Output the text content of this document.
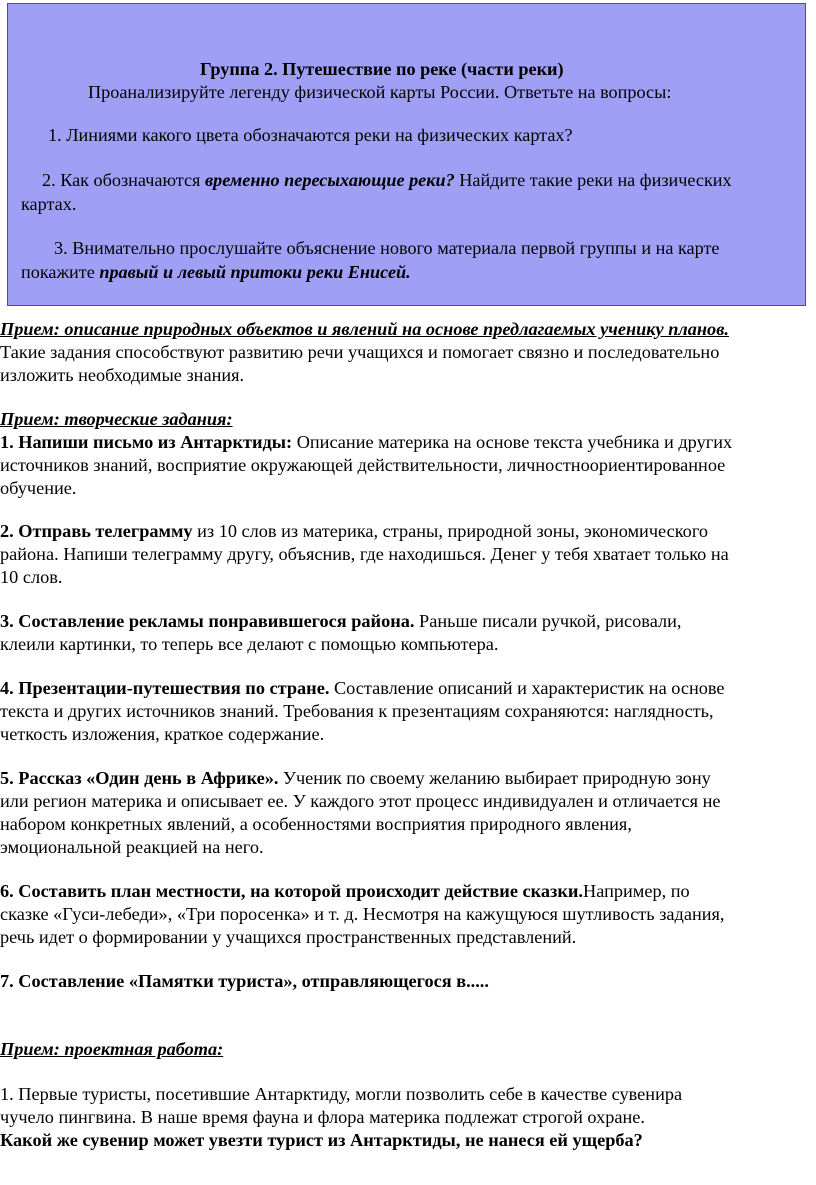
Группа 2. Путешествие по реке (части реки)
Проанализируйте легенду физической карты России. Ответьте на вопросы:
1. Линиями какого цвета обозначаются реки на физических картах?
2. Как обозначаются временно пересыхающие реки? Найдите такие реки на физических
картах.
3. Внимательно прослушайте объяснение нового материала первой группы и на карте
покажите правый и левый притоки реки Енисей.
Прием: описание природных объектов и явлений на основе предлагаемых ученику планов.
Такие задания способствуют развитию речи учащихся и помогает связно и последовательно
изложить необходимые знания.
Прием: творческие задания:
1. Напиши письмо из Антарктиды: Описание материка на основе текста учебника и других
источников знаний, восприятие окружающей действительности, личностноориентированное
обучение.
2. Отправь телеграмму из 10 слов из материка, страны, природной зоны, экономического
района. Напиши телеграмму другу, объяснив, где находишься. Денег у тебя хватает только на
10 слов.
3. Составление рекламы понравившегося района. Раньше писали ручкой, рисовали,
клеили картинки, то теперь все делают с помощью компьютера.
4. Презентации-путешествия по стране. Составление описаний и характеристик на основе
текста и других источников знаний. Требования к презентациям сохраняются: наглядность,
четкость изложения, краткое содержание.
5. Рассказ «Один день в Африке». Ученик по своему желанию выбирает природную зону
или регион материка и описывает ее. У каждого этот процесс индивидуален и отличается не
набором конкретных явлений, а особенностями восприятия природного явления,
эмоциональной реакцией на него.
6. Составить план местности, на которой происходит действие сказки.Например, по
сказке «Гуси-лебеди», «Три поросенка» и т. д. Несмотря на кажущуюся шутливость задания,
речь идет о формировании у учащихся пространственных представлений.
7. Составление «Памятки туриста», отправляющегося в.....
Прием: проектная работа:
1. Первые туристы, посетившие Антарктиду, могли позволить себе в качестве сувенира
чучело пингвина. В наше время фауна и флора материка подлежат строгой охране.
Какой же сувенир может увезти турист из Антарктиды, не нанеся ей ущерба?
